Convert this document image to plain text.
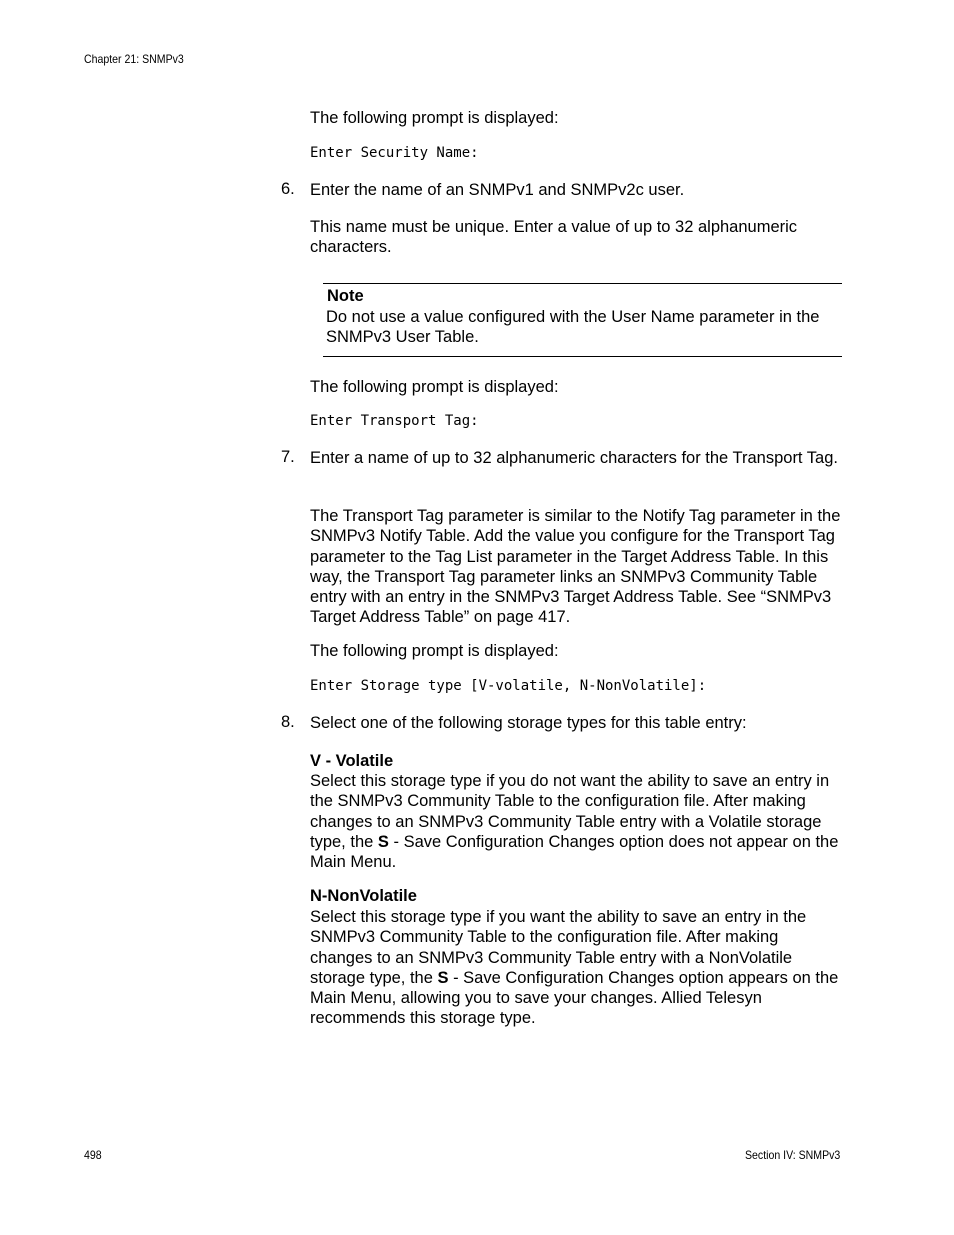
Chapter 21: SNMPv3
The following prompt is displayed:
Enter Security Name:
6. Enter the name of an SNMPv1 and SNMPv2c user.
This name must be unique. Enter a value of up to 32 alphanumeric characters.
Note
Do not use a value configured with the User Name parameter in the SNMPv3 User Table.
The following prompt is displayed:
Enter Transport Tag:
7. Enter a name of up to 32 alphanumeric characters for the Transport Tag.
The Transport Tag parameter is similar to the Notify Tag parameter in the SNMPv3 Notify Table. Add the value you configure for the Transport Tag parameter to the Tag List parameter in the Target Address Table. In this way, the Transport Tag parameter links an SNMPv3 Community Table entry with an entry in the SNMPv3 Target Address Table. See “SNMPv3 Target Address Table” on page 417.
The following prompt is displayed:
Enter Storage type [V-volatile, N-NonVolatile]:
8. Select one of the following storage types for this table entry:
V - Volatile
Select this storage type if you do not want the ability to save an entry in the SNMPv3 Community Table to the configuration file. After making changes to an SNMPv3 Community Table entry with a Volatile storage type, the S - Save Configuration Changes option does not appear on the Main Menu.
N-NonVolatile
Select this storage type if you want the ability to save an entry in the SNMPv3 Community Table to the configuration file. After making changes to an SNMPv3 Community Table entry with a NonVolatile storage type, the S - Save Configuration Changes option appears on the Main Menu, allowing you to save your changes. Allied Telesyn recommends this storage type.
498	Section IV: SNMPv3
